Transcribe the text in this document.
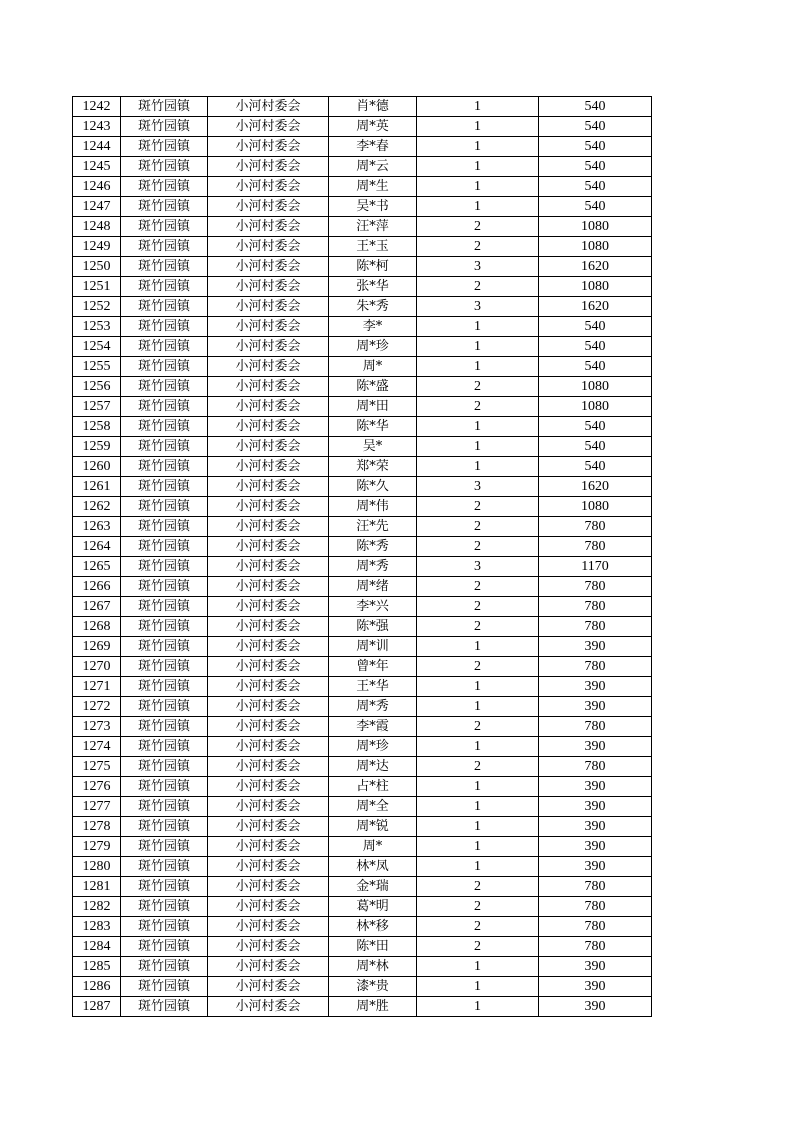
1242	斑竹园镇	小河村委会	肖*德	1	540
1243	斑竹园镇	小河村委会	周*英	1	540
1244	斑竹园镇	小河村委会	李*春	1	540
1245	斑竹园镇	小河村委会	周*云	1	540
1246	斑竹园镇	小河村委会	周*生	1	540
1247	斑竹园镇	小河村委会	吴*书	1	540
1248	斑竹园镇	小河村委会	汪*萍	2	1080
1249	斑竹园镇	小河村委会	王*玉	2	1080
1250	斑竹园镇	小河村委会	陈*柯	3	1620
1251	斑竹园镇	小河村委会	张*华	2	1080
1252	斑竹园镇	小河村委会	朱*秀	3	1620
1253	斑竹园镇	小河村委会	李*	1	540
1254	斑竹园镇	小河村委会	周*珍	1	540
1255	斑竹园镇	小河村委会	周*	1	540
1256	斑竹园镇	小河村委会	陈*盛	2	1080
1257	斑竹园镇	小河村委会	周*田	2	1080
1258	斑竹园镇	小河村委会	陈*华	1	540
1259	斑竹园镇	小河村委会	吴*	1	540
1260	斑竹园镇	小河村委会	郑*荣	1	540
1261	斑竹园镇	小河村委会	陈*久	3	1620
1262	斑竹园镇	小河村委会	周*伟	2	1080
1263	斑竹园镇	小河村委会	汪*先	2	780
1264	斑竹园镇	小河村委会	陈*秀	2	780
1265	斑竹园镇	小河村委会	周*秀	3	1170
1266	斑竹园镇	小河村委会	周*绪	2	780
1267	斑竹园镇	小河村委会	李*兴	2	780
1268	斑竹园镇	小河村委会	陈*强	2	780
1269	斑竹园镇	小河村委会	周*训	1	390
1270	斑竹园镇	小河村委会	曾*年	2	780
1271	斑竹园镇	小河村委会	王*华	1	390
1272	斑竹园镇	小河村委会	周*秀	1	390
1273	斑竹园镇	小河村委会	李*霞	2	780
1274	斑竹园镇	小河村委会	周*珍	1	390
1275	斑竹园镇	小河村委会	周*达	2	780
1276	斑竹园镇	小河村委会	占*柱	1	390
1277	斑竹园镇	小河村委会	周*全	1	390
1278	斑竹园镇	小河村委会	周*锐	1	390
1279	斑竹园镇	小河村委会	周*	1	390
1280	斑竹园镇	小河村委会	林*凤	1	390
1281	斑竹园镇	小河村委会	金*瑞	2	780
1282	斑竹园镇	小河村委会	葛*明	2	780
1283	斑竹园镇	小河村委会	林*移	2	780
1284	斑竹园镇	小河村委会	陈*田	2	780
1285	斑竹园镇	小河村委会	周*林	1	390
1286	斑竹园镇	小河村委会	漆*贵	1	390
1287	斑竹园镇	小河村委会	周*胜	1	390
